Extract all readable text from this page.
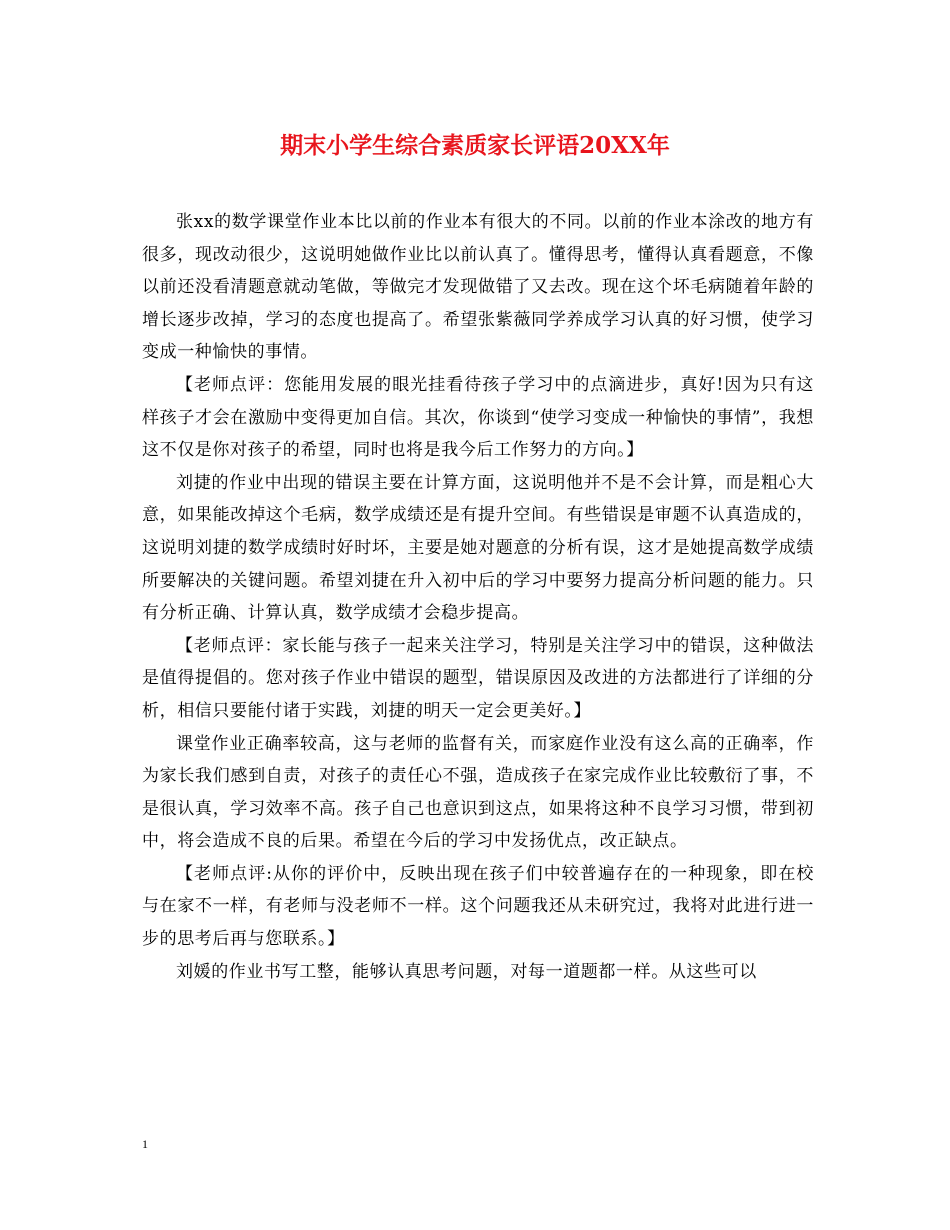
期末小学生综合素质家长评语20XX年

张xx的数学课堂作业本比以前的作业本有很大的不同。以前的作业本涂改的地方有很多，现改动很少，这说明她做作业比以前认真了。懂得思考，懂得认真看题意，不像以前还没看清题意就动笔做，等做完才发现做错了又去改。现在这个坏毛病随着年龄的增长逐步改掉，学习的态度也提高了。希望张紫薇同学养成学习认真的好习惯，使学习变成一种愉快的事情。

【老师点评：您能用发展的眼光挂看待孩子学习中的点滴进步，真好!因为只有这样孩子才会在激励中变得更加自信。其次，你谈到“使学习变成一种愉快的事情”，我想这不仅是你对孩子的希望，同时也将是我今后工作努力的方向。】

刘捷的作业中出现的错误主要在计算方面，这说明他并不是不会计算，而是粗心大意，如果能改掉这个毛病，数学成绩还是有提升空间。有些错误是审题不认真造成的，这说明刘捷的数学成绩时好时坏，主要是她对题意的分析有误，这才是她提高数学成绩所要解决的关键问题。希望刘捷在升入初中后的学习中要努力提高分析问题的能力。只有分析正确、计算认真，数学成绩才会稳步提高。

【老师点评：家长能与孩子一起来关注学习，特别是关注学习中的错误，这种做法是值得提倡的。您对孩子作业中错误的题型，错误原因及改进的方法都进行了详细的分析，相信只要能付诸于实践，刘捷的明天一定会更美好。】

课堂作业正确率较高，这与老师的监督有关，而家庭作业没有这么高的正确率，作为家长我们感到自责，对孩子的责任心不强，造成孩子在家完成作业比较敷衍了事，不是很认真，学习效率不高。孩子自己也意识到这点，如果将这种不良学习习惯，带到初中，将会造成不良的后果。希望在今后的学习中发扬优点，改正缺点。

【老师点评:从你的评价中，反映出现在孩子们中较普遍存在的一种现象，即在校与在家不一样，有老师与没老师不一样。这个问题我还从未研究过，我将对此进行进一步的思考后再与您联系。】

刘媛的作业书写工整，能够认真思考问题，对每一道题都一样。从这些可以

1
